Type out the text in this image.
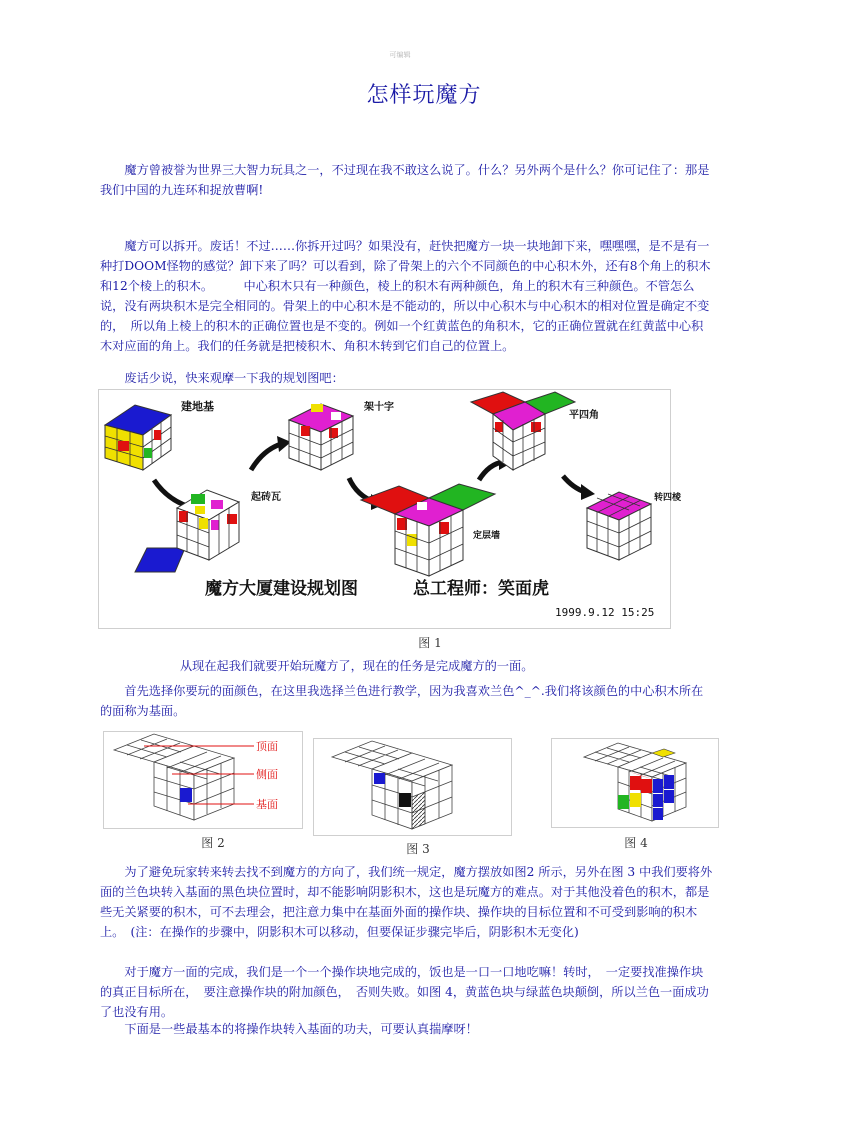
可编辑
怎样玩魔方

魔方曾被誉为世界三大智力玩具之一，不过现在我不敢这么说了。什么？另外两个是什么？你可记住了：那是我们中国的九连环和捉放曹啊!

魔方可以拆开。废话！不过……你拆开过吗？如果没有，赶快把魔方一块一块地卸下来，嘿嘿嘿，是不是有一种打DOOM怪物的感觉？卸下来了吗？可以看到，除了骨架上的六个不同颜色的中心积木外，还有8个角上的积木和12个棱上的积木。　　　中心积木只有一种颜色，棱上的积木有两种颜色，角上的积木有三种颜色。不管怎么说，没有两块积木是完全相同的。骨架上的中心积木是不能动的，所以中心积木与中心积木的相对位置是确定不变的，　所以角上棱上的积木的正确位置也是不变的。例如一个红黄蓝色的角积木，它的正确位置就在红黄蓝中心积木对应面的角上。我们的任务就是把棱积木、角积木转到它们自己的位置上。

废话少说，快来观摩一下我的规划图吧：

建地基
起砖瓦
架十字
定层墙
平四角
转四棱
魔方大厦建设规划图	总工程师：笑面虎
1999.9.12 15:25
图 1

从现在起我们就要开始玩魔方了，现在的任务是完成魔方的一面。

首先选择你要玩的面颜色，在这里我选择兰色进行教学，因为我喜欢兰色^_^.我们将该颜色的中心积木所在的面称为基面。

顶面
侧面
基面
图 2	图 3	图 4

为了避免玩家转来转去找不到魔方的方向了，我们统一规定，魔方摆放如图2 所示，另外在图 3 中我们要将外面的兰色块转入基面的黑色块位置时，却不能影响阴影积木，这也是玩魔方的难点。对于其他没着色的积木，都是些无关紧要的积木，可不去理会，把注意力集中在基面外面的操作块、操作块的目标位置和不可受到影响的积木上。　(注：在操作的步骤中，阴影积木可以移动，但要保证步骤完毕后，阴影积木无变化)

对于魔方一面的完成，我们是一个一个操作块地完成的，饭也是一口一口地吃嘛！转时，　一定要找准操作块的真正目标所在，　要注意操作块的附加颜色，　否则失败。如图 4，黄蓝色块与绿蓝色块颠倒，所以兰色一面成功了也没有用。

下面是一些最基本的将操作块转入基面的功夫，可要认真揣摩呀！
